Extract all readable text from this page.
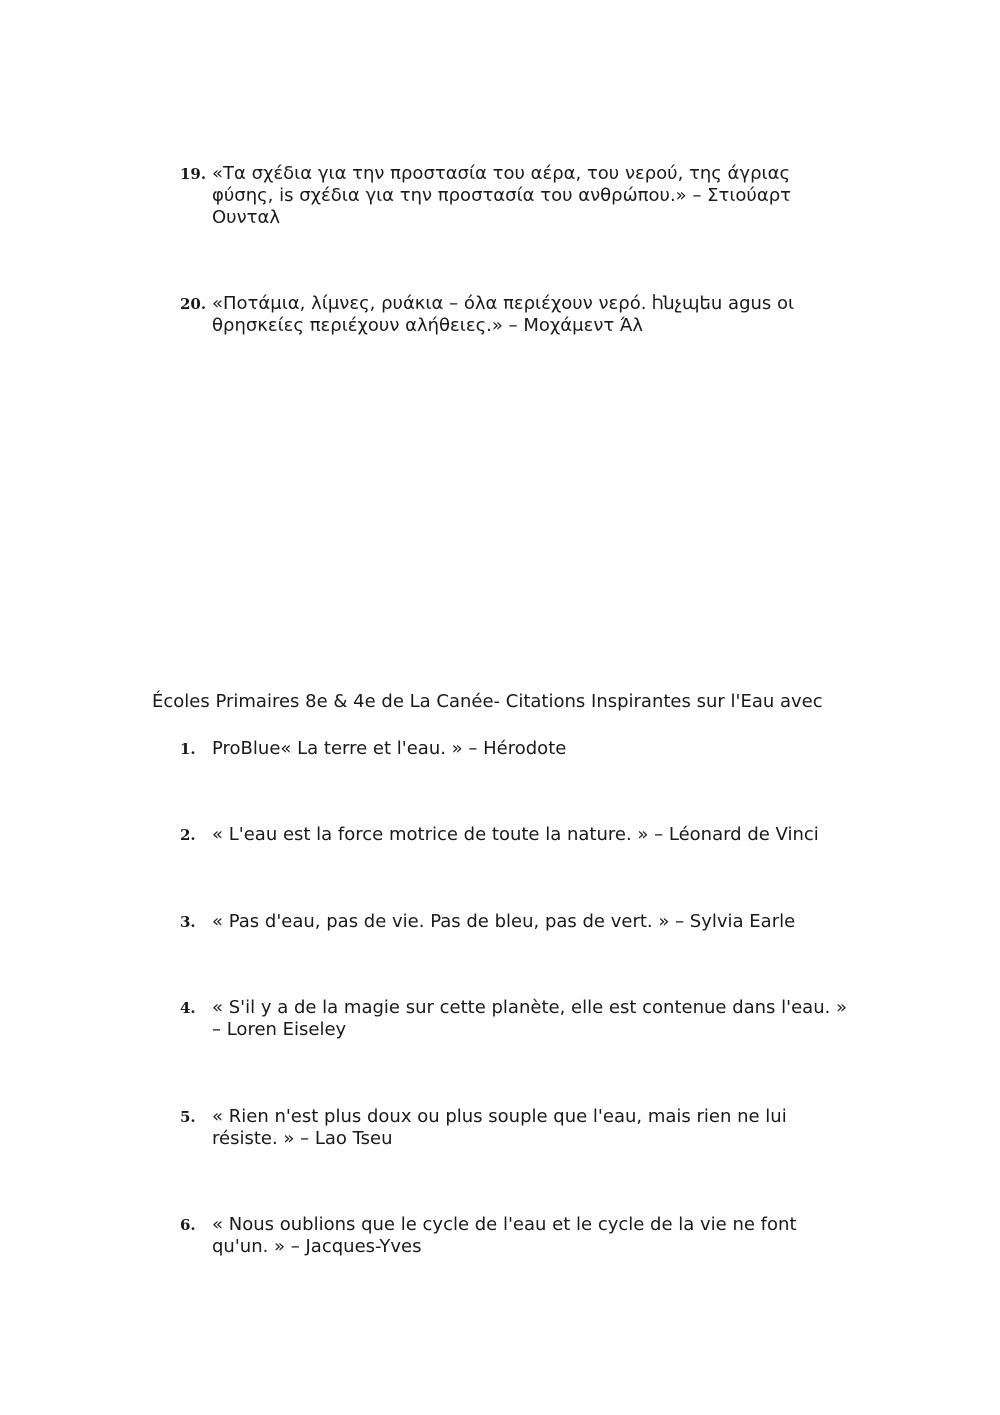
19. «Τα σχέδια για την προστασία του αέρα, του νερού, της άγριας φύσης, is σχέδια για την προστασία του ανθρώπου.» – Στιούαρτ Ουνταλ
20. «Ποτάμια, λίμνες, ρυάκια – όλα περιέχουν νερό. Ⴙնչպես agus οι θρησκείες περιέχουν αλήθειες.» – Μοχάμεντ Άλ
Écoles Primaires 8e & 4e de La Canée- Citations Inspirantes sur l'Eau avec
1. ProBlue« La terre et l'eau. » – Hérodote
2. « L'eau est la force motrice de toute la nature. » – Léonard de Vinci
3. « Pas d'eau, pas de vie. Pas de bleu, pas de vert. » – Sylvia Earle
4. « S'il y a de la magie sur cette planète, elle est contenue dans l'eau. » – Loren Eiseley
5. « Rien n'est plus doux ou plus souple que l'eau, mais rien ne lui résiste. » – Lao Tseu
6. « Nous oublions que le cycle de l'eau et le cycle de la vie ne font qu'un. » – Jacques-Yves
